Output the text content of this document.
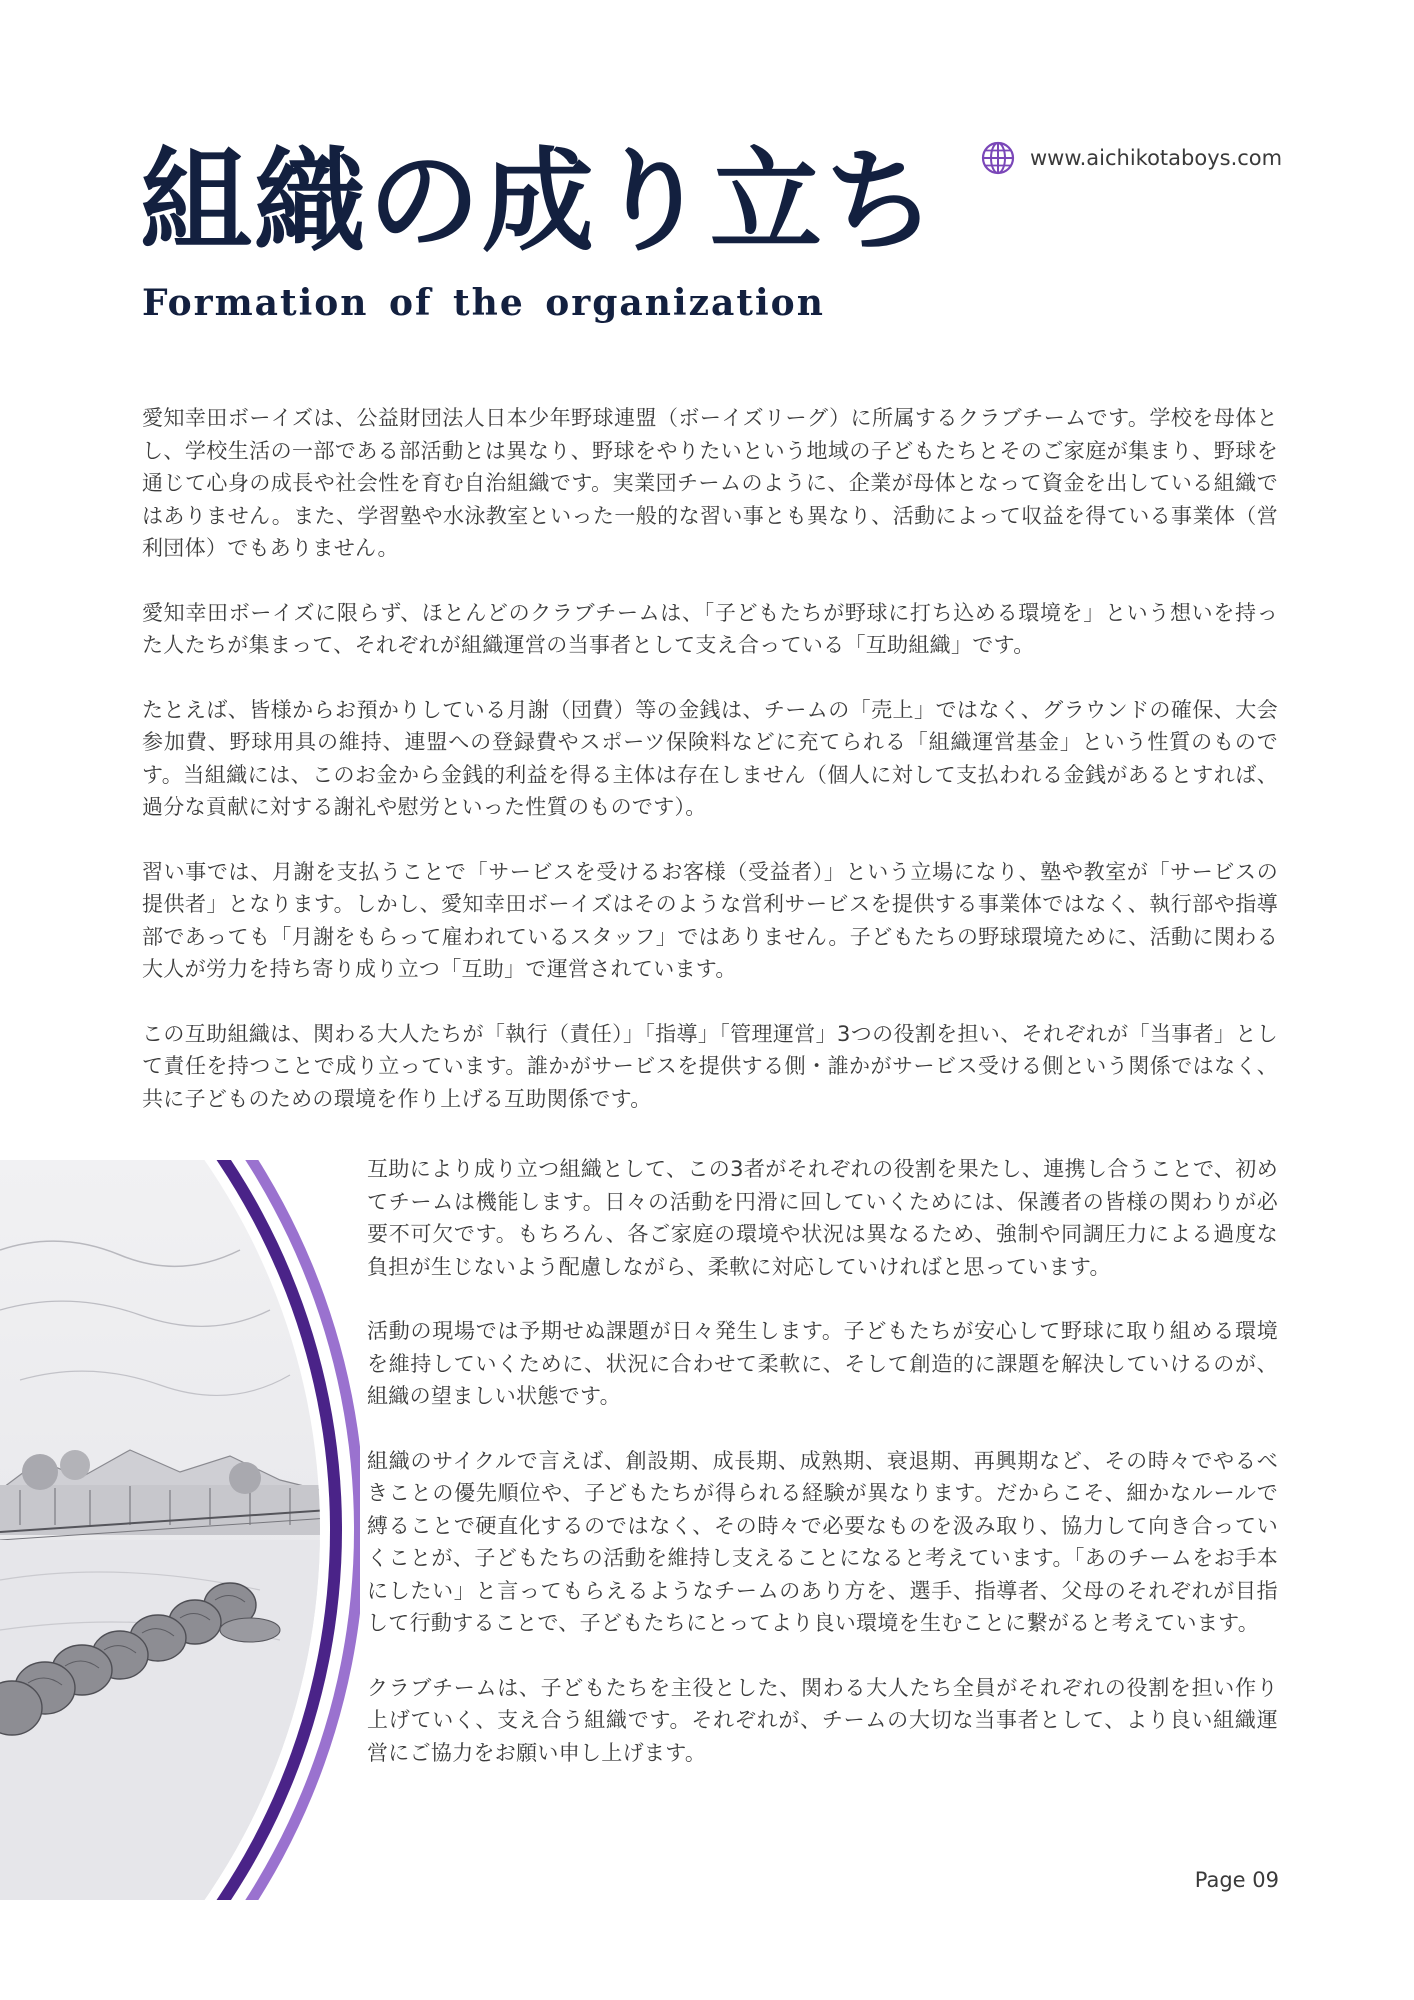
組織の成り立ち
Formation of the organization
www.aichikotaboys.com

愛知幸田ボーイズは、公益財団法人日本少年野球連盟（ボーイズリーグ）に所属するクラブチームです。学校を母体とし、学校生活の一部である部活動とは異なり、野球をやりたいという地域の子どもたちとそのご家庭が集まり、野球を通じて心身の成長や社会性を育む自治組織です。実業団チームのように、企業が母体となって資金を出している組織ではありません。また、学習塾や水泳教室といった一般的な習い事とも異なり、活動によって収益を得ている事業体（営利団体）でもありません。

愛知幸田ボーイズに限らず、ほとんどのクラブチームは、「子どもたちが野球に打ち込める環境を」という想いを持った人たちが集まって、それぞれが組織運営の当事者として支え合っている「互助組織」です。

たとえば、皆様からお預かりしている月謝（団費）等の金銭は、チームの「売上」ではなく、グラウンドの確保、大会参加費、野球用具の維持、連盟への登録費やスポーツ保険料などに充てられる「組織運営基金」という性質のものです。当組織には、このお金から金銭的利益を得る主体は存在しません（個人に対して支払われる金銭があるとすれば、過分な貢献に対する謝礼や慰労といった性質のものです）。

習い事では、月謝を支払うことで「サービスを受けるお客様（受益者）」という立場になり、塾や教室が「サービスの提供者」となります。しかし、愛知幸田ボーイズはそのような営利サービスを提供する事業体ではなく、執行部や指導部であっても「月謝をもらって雇われているスタッフ」ではありません。子どもたちの野球環境ために、活動に関わる大人が労力を持ち寄り成り立つ「互助」で運営されています。

この互助組織は、関わる大人たちが「執行（責任）」「指導」「管理運営」3つの役割を担い、それぞれが「当事者」として責任を持つことで成り立っています。誰かがサービスを提供する側・誰かがサービス受ける側という関係ではなく、共に子どものための環境を作り上げる互助関係です。

互助により成り立つ組織として、この3者がそれぞれの役割を果たし、連携し合うことで、初めてチームは機能します。日々の活動を円滑に回していくためには、保護者の皆様の関わりが必要不可欠です。もちろん、各ご家庭の環境や状況は異なるため、強制や同調圧力による過度な負担が生じないよう配慮しながら、柔軟に対応していければと思っています。

活動の現場では予期せぬ課題が日々発生します。子どもたちが安心して野球に取り組める環境を維持していくために、状況に合わせて柔軟に、そして創造的に課題を解決していけるのが、組織の望ましい状態です。

組織のサイクルで言えば、創設期、成長期、成熟期、衰退期、再興期など、その時々でやるべきことの優先順位や、子どもたちが得られる経験が異なります。だからこそ、細かなルールで縛ることで硬直化するのではなく、その時々で必要なものを汲み取り、協力して向き合っていくことが、子どもたちの活動を維持し支えることになると考えています。「あのチームをお手本にしたい」と言ってもらえるようなチームのあり方を、選手、指導者、父母のそれぞれが目指して行動することで、子どもたちにとってより良い環境を生むことに繋がると考えています。

クラブチームは、子どもたちを主役とした、関わる大人たち全員がそれぞれの役割を担い作り上げていく、支え合う組織です。それぞれが、チームの大切な当事者として、より良い組織運営にご協力をお願い申し上げます。

Page 09
